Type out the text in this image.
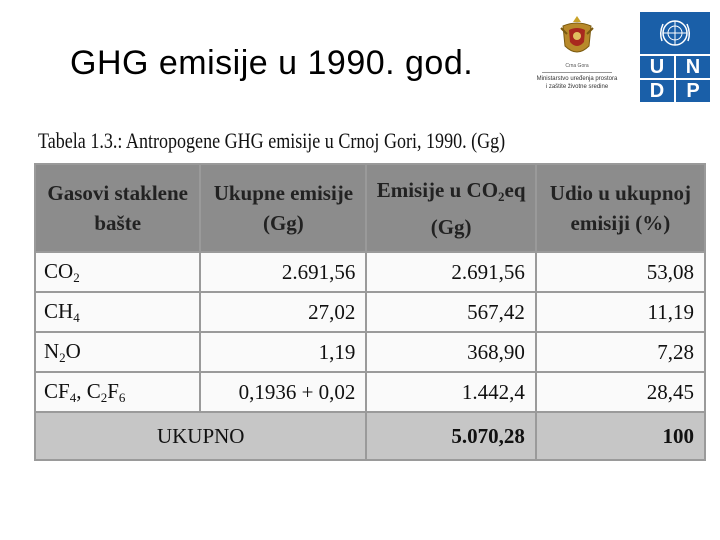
GHG emisije u 1990. god.	Crna Gora
Ministarstvo uređenja prostora
i zaštite životne sredine
U	N
D	P
Tabela 1.3.: Antropogene GHG emisije u Crnoj Gori, 1990. (Gg)
Gasovi staklene bašte	Ukupne emisije (Gg)	Emisije u $CO_2eq$ (Gg)	Udio u ukupnoj emisiji (%)
$CO_2$	2.691,56	2.691,56	53,08
$CH_4$	27,02	567,42	11,19
$N_2O$	1,19	368,90	7,28
$CF_4$, $C_2F_6$	0,1936 + 0,02	1.442,4	28,45
UKUPNO		5.070,28	100
